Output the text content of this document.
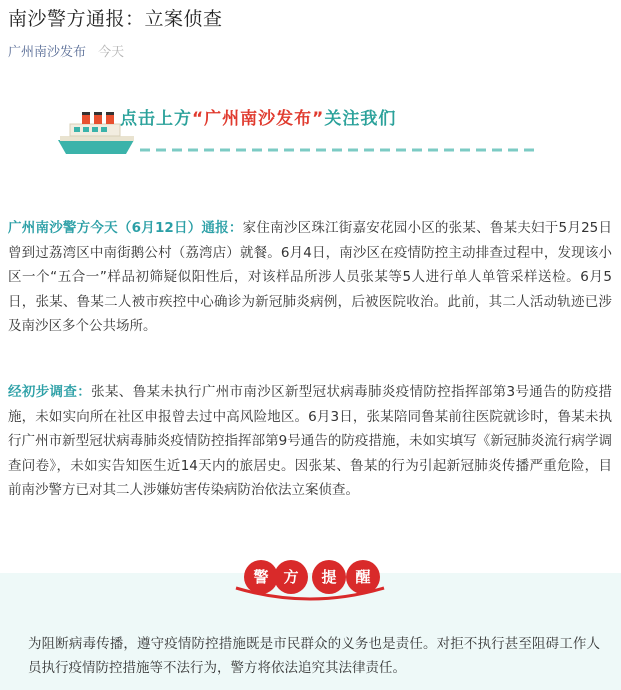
南沙警方通报：立案侦查
广州南沙发布 今天
点击上方“广州南沙发布”关注我们
广州南沙警方今天（6月12日）通报：家住南沙区珠江街嘉安花园小区的张某、鲁某夫妇于5月25日曾到过荔湾区中南街鹅公村（荔湾店）就餐。6月4日，南沙区在疫情防控主动排查过程中，发现该小区一个“五合一”样品初筛疑似阳性后，对该样品所涉人员张某等5人进行单人单管采样送检。6月5日，张某、鲁某二人被市疾控中心确诊为新冠肺炎病例，后被医院收治。此前，其二人活动轨迹已涉及南沙区多个公共场所。
经初步调查：张某、鲁某未执行广州市南沙区新型冠状病毒肺炎疫情防控指挥部第3号通告的防疫措施，未如实向所在社区申报曾去过中高风险地区。6月3日，张某陪同鲁某前往医院就诊时，鲁某未执行广州市新型冠状病毒肺炎疫情防控指挥部第9号通告的防疫措施，未如实填写《新冠肺炎流行病学调查问卷》，未如实告知医生近14天内的旅居史。因张某、鲁某的行为引起新冠肺炎传播严重危险，目前南沙警方已对其二人涉嫌妨害传染病防治依法立案侦查。
警 方	提	醒
为阻断病毒传播，遵守疫情防控措施既是市民群众的义务也是责任。对拒不执行甚至阻碍工作人员执行疫情防控措施等不法行为，警方将依法追究其法律责任。
